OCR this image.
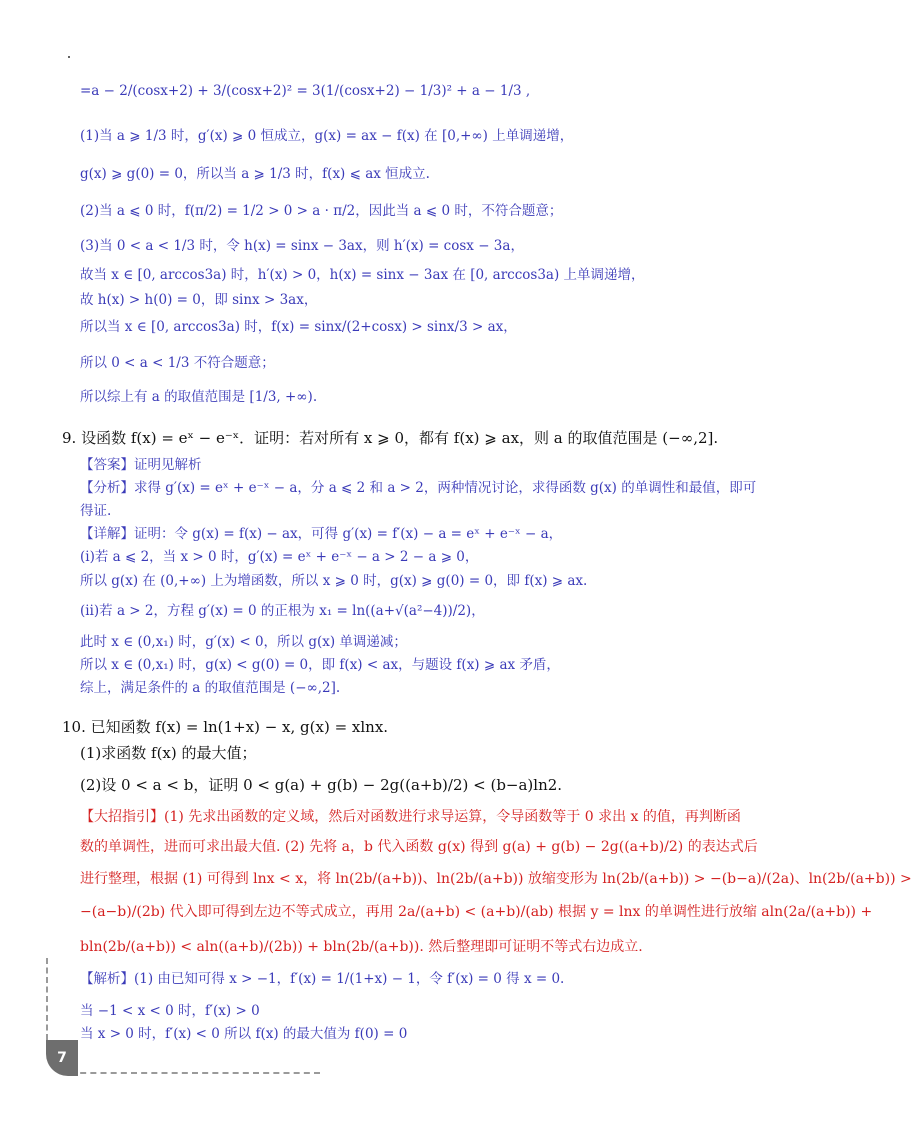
=a − 2/(cosx+2) + 3/(cosx+2)² = 3(1/(cosx+2) − 1/3)² + a − 1/3 ,
(1)当 a ⩾ 1/3 时，g′(x) ⩾ 0 恒成立，g(x) = ax − f(x) 在 [0,+∞) 上单调递增，
g(x) ⩾ g(0) = 0，所以当 a ⩾ 1/3 时，f(x) ⩽ ax 恒成立.
(2)当 a ⩽ 0 时，f(π/2) = 1/2 > 0 > a · π/2，因此当 a ⩽ 0 时，不符合题意；
(3)当 0 < a < 1/3 时，令 h(x) = sinx − 3ax，则 h′(x) = cosx − 3a，
故当 x ∈ [0, arccos3a) 时，h′(x) > 0，h(x) = sinx − 3ax 在 [0, arccos3a) 上单调递增，
故 h(x) > h(0) = 0，即 sinx > 3ax，
所以当 x ∈ [0, arccos3a) 时，f(x) = sinx/(2+cosx) > sinx/3 > ax，
所以 0 < a < 1/3 不符合题意；
所以综上有 a 的取值范围是 [1/3, +∞).
9. 设函数 f(x) = eˣ − e⁻ˣ．证明：若对所有 x ⩾ 0，都有 f(x) ⩾ ax，则 a 的取值范围是 (−∞,2].
【答案】证明见解析
【分析】求得 g′(x) = eˣ + e⁻ˣ − a，分 a ⩽ 2 和 a > 2，两种情况讨论，求得函数 g(x) 的单调性和最值，即可
得证.
【详解】证明：令 g(x) = f(x) − ax，可得 g′(x) = f′(x) − a = eˣ + e⁻ˣ − a，
(ⅰ)若 a ⩽ 2，当 x > 0 时，g′(x) = eˣ + e⁻ˣ − a > 2 − a ⩾ 0，
所以 g(x) 在 (0,+∞) 上为增函数，所以 x ⩾ 0 时，g(x) ⩾ g(0) = 0，即 f(x) ⩾ ax.
(ⅱ)若 a > 2，方程 g′(x) = 0 的正根为 x₁ = ln((a+√(a²−4))/2)，
此时 x ∈ (0,x₁) 时，g′(x) < 0，所以 g(x) 单调递减；
所以 x ∈ (0,x₁) 时，g(x) < g(0) = 0，即 f(x) < ax，与题设 f(x) ⩾ ax 矛盾，
综上，满足条件的 a 的取值范围是 (−∞,2].
10. 已知函数 f(x) = ln(1+x) − x, g(x) = xlnx.
(1)求函数 f(x) 的最大值；
(2)设 0 < a < b，证明 0 < g(a) + g(b) − 2g((a+b)/2) < (b−a)ln2.
【大招指引】(1) 先求出函数的定义域，然后对函数进行求导运算，令导函数等于 0 求出 x 的值，再判断函
数的单调性，进而可求出最大值. (2) 先将 a，b 代入函数 g(x) 得到 g(a) + g(b) − 2g((a+b)/2) 的表达式后
进行整理，根据 (1) 可得到 lnx < x，将 ln(2b/(a+b))、ln(2b/(a+b)) 放缩变形为 ln(2b/(a+b)) > −(b−a)/(2a)、ln(2b/(a+b)) >
−(a−b)/(2b) 代入即可得到左边不等式成立，再用 2a/(a+b) < (a+b)/(ab) 根据 y = lnx 的单调性进行放缩 aln(2a/(a+b)) +
bln(2b/(a+b)) < aln((a+b)/(2b)) + bln(2b/(a+b)). 然后整理即可证明不等式右边成立.
【解析】(1) 由已知可得 x > −1，f′(x) = 1/(1+x) − 1，令 f′(x) = 0 得 x = 0.
当 −1 < x < 0 时，f′(x) > 0
当 x > 0 时，f′(x) < 0 所以 f(x) 的最大值为 f(0) = 0
7
